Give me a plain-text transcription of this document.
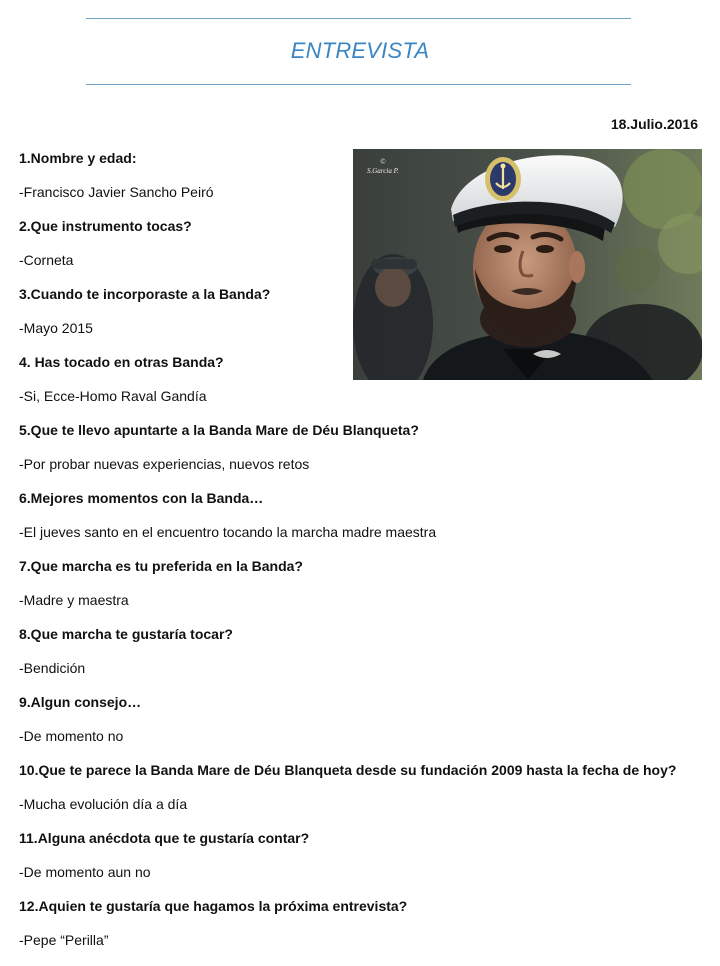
ENTREVISTA
18.Julio.2016
1.Nombre y edad:
-Francisco Javier Sancho Peiró
2.Que instrumento tocas?
-Corneta
3.Cuando te incorporaste a la Banda?
-Mayo 2015
4. Has tocado en otras Banda?
-Si, Ecce-Homo Raval Gandía
5.Que te llevo apuntarte a la Banda Mare de Déu Blanqueta?
-Por probar nuevas experiencias, nuevos retos
6.Mejores momentos con la Banda…
-El jueves santo en el encuentro tocando la marcha madre maestra
7.Que marcha es tu preferida en la Banda?
-Madre y maestra
8.Que marcha te gustaría tocar?
-Bendición
9.Algun consejo…
-De momento no
10.Que te parece la Banda Mare de Déu Blanqueta desde su fundación 2009 hasta la fecha de hoy?
-Mucha evolución día a día
11.Alguna anécdota que te gustaría contar?
-De momento aun no
12.Aquien te gustaría que hagamos la próxima entrevista?
-Pepe “Perilla”
©
S.Garcia P.
